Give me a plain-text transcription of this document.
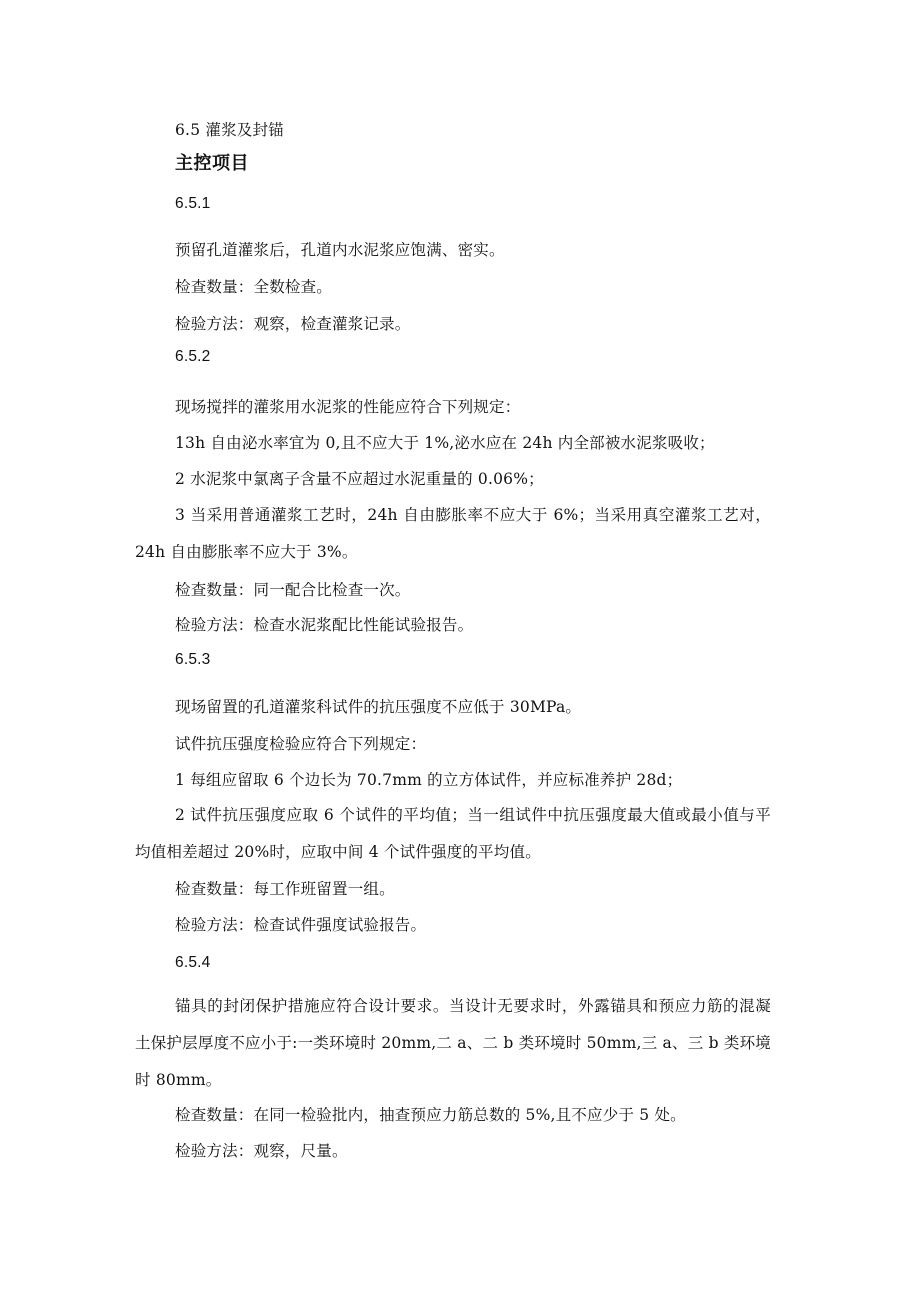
6.5 灌浆及封锚
主控项目
6.5.1
预留孔道灌浆后，孔道内水泥浆应饱满、密实。
检查数量：全数检查。
检验方法：观察，检查灌浆记录。
6.5.2
现场搅拌的灌浆用水泥浆的性能应符合下列规定：
13h 自由泌水率宜为 0,且不应大于 1%,泌水应在 24h 内全部被水泥浆吸收；
2 水泥浆中氯离子含量不应超过水泥重量的 0.06%；
3 当采用普通灌浆工艺时，24h 自由膨胀率不应大于 6%；当采用真空灌浆工艺对，24h 自由膨胀率不应大于 3%。
检查数量：同一配合比检查一次。
检验方法：检查水泥浆配比性能试验报告。
6.5.3
现场留置的孔道灌浆科试件的抗压强度不应低于 30MPa。
试件抗压强度检验应符合下列规定：
1 每组应留取 6 个边长为 70.7mm 的立方体试件，并应标准养护 28d；
2 试件抗压强度应取 6 个试件的平均值；当一组试件中抗压强度最大值或最小值与平均值相差超过 20%时，应取中间 4 个试件强度的平均值。
检查数量：每工作班留置一组。
检验方法：检查试件强度试验报告。
6.5.4
锚具的封闭保护措施应符合设计要求。当设计无要求时，外露锚具和预应力筋的混凝土保护层厚度不应小于:一类环境时 20mm,二 a、二 b 类环境时 50mm,三 a、三 b 类环境时 80mm。
检查数量：在同一检验批内，抽查预应力筋总数的 5%,且不应少于 5 处。
检验方法：观察，尺量。
